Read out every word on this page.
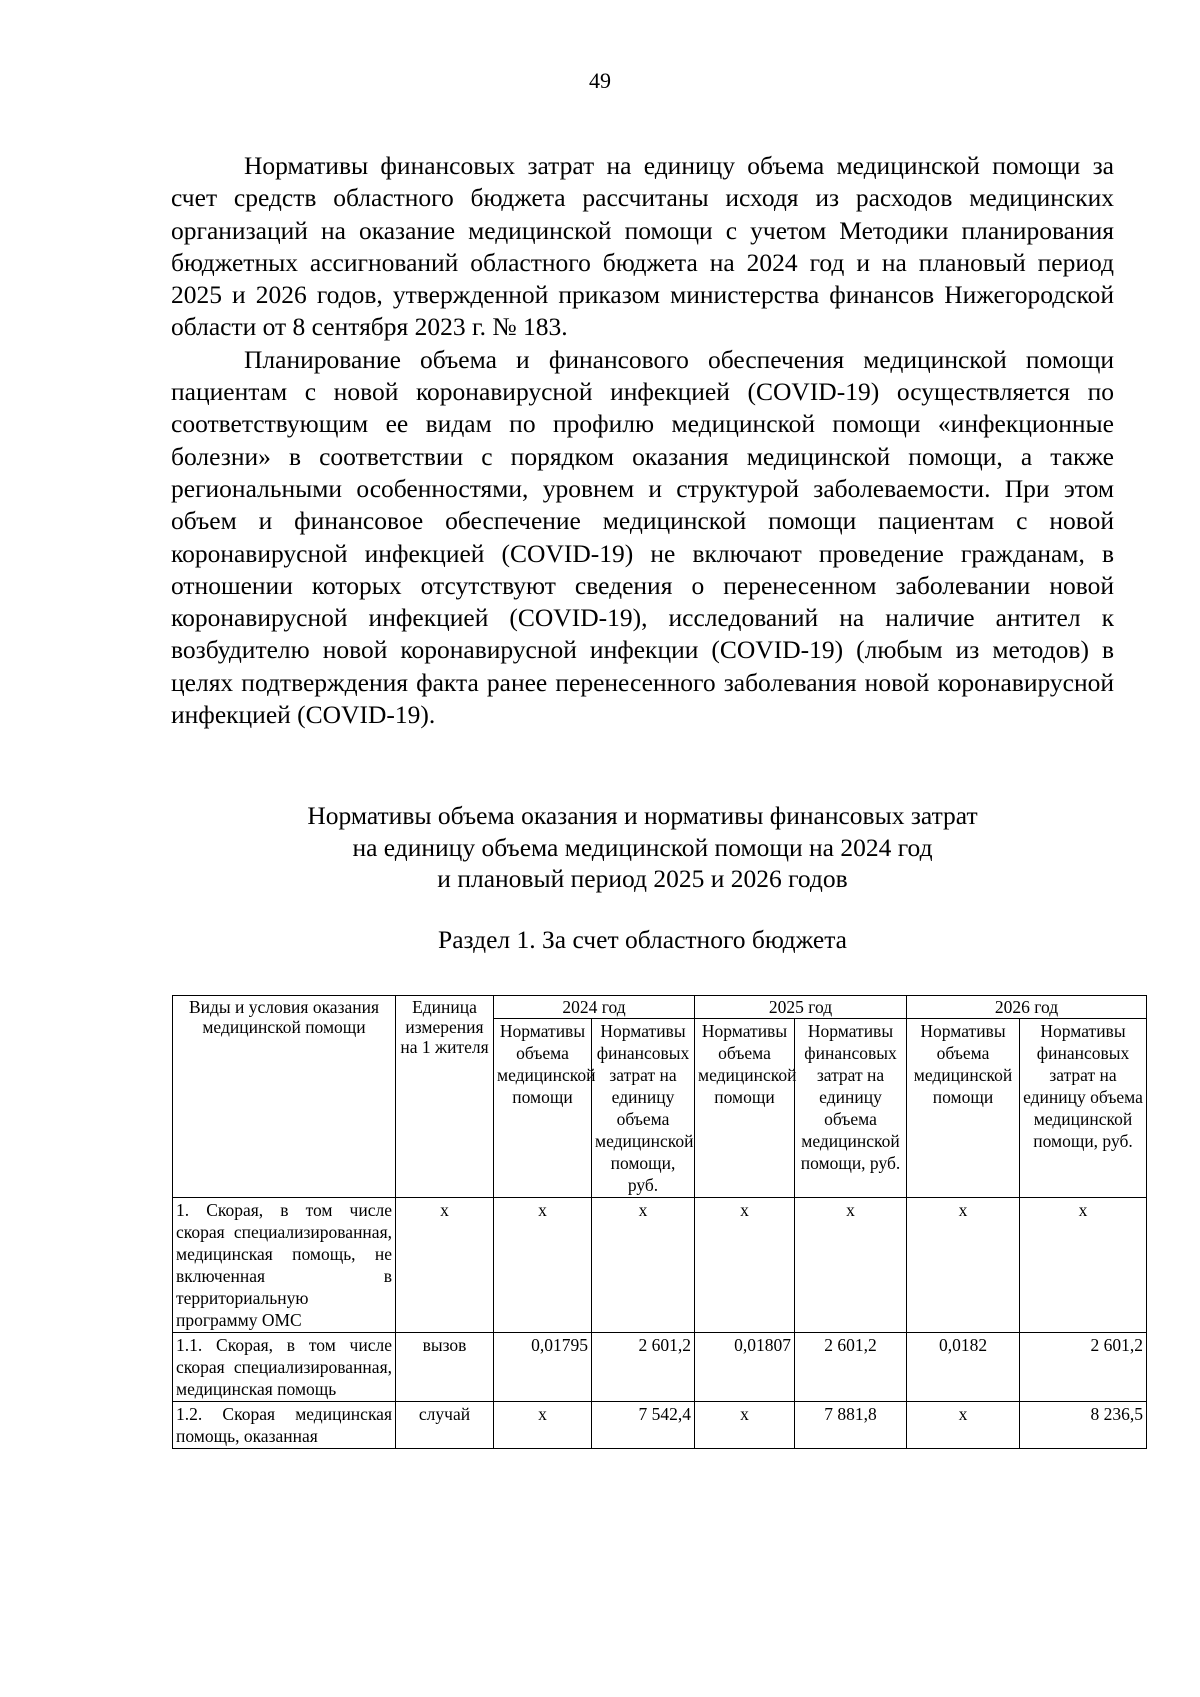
49

Нормативы финансовых затрат на единицу объема медицинской помощи за счет средств областного бюджета рассчитаны исходя из расходов медицинских организаций на оказание медицинской помощи с учетом Методики планирования бюджетных ассигнований областного бюджета на 2024 год и на плановый период 2025 и 2026 годов, утвержденной приказом министерства финансов Нижегородской области от 8 сентября 2023 г. № 183.

Планирование объема и финансового обеспечения медицинской помощи пациентам с новой коронавирусной инфекцией (COVID-19) осуществляется по соответствующим ее видам по профилю медицинской помощи «инфекционные болезни» в соответствии с порядком оказания медицинской помощи, а также региональными особенностями, уровнем и структурой заболеваемости. При этом объем и финансовое обеспечение медицинской помощи пациентам с новой коронавирусной инфекцией (COVID-19) не включают проведение гражданам, в отношении которых отсутствуют сведения о перенесенном заболевании новой коронавирусной инфекцией (COVID-19), исследований на наличие антител к возбудителю новой коронавирусной инфекции (COVID-19) (любым из методов) в целях подтверждения факта ранее перенесенного заболевания новой коронавирусной инфекцией (COVID-19).

Нормативы объема оказания и нормативы финансовых затрат
на единицу объема медицинской помощи на 2024 год
и плановый период 2025 и 2026 годов
Раздел 1. За счет областного бюджета
Виды и условия оказания медицинской помощи	Единица измерения на 1 жителя	2024 год		2025 год		2026 год	
		Нормативы объема медицинской помощи	Нормативы финансовых затрат на единицу объема медицинской помощи, руб.	Нормативы объема медицинской помощи	Нормативы финансовых затрат на единицу объема медицинской помощи, руб.	Нормативы объема медицинской помощи	Нормативы финансовых затрат на единицу объема медицинской помощи, руб.
1. Скорая, в том числе скорая специализированная, медицинская помощь, не включенная в территориальную программу ОМС	х	х	х	х	х	х	х
1.1. Скорая, в том числе скорая специализированная, медицинская помощь	вызов	0,01795	2 601,2	0,01807	2 601,2	0,0182	2 601,2
1.2. Скорая медицинская помощь, оказанная	случай	х	7 542,4	х	7 881,8	х	8 236,5
